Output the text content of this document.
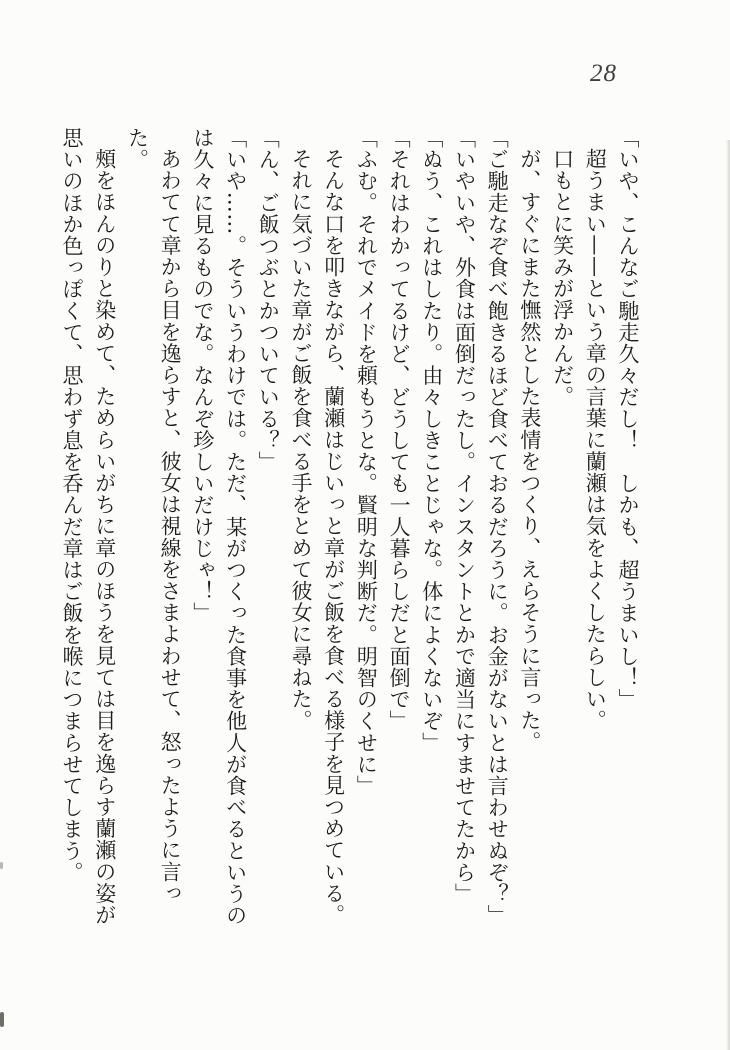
28

「いや、こんなご馳走久々だし！　しかも、超うまいし！」

超うまい——という章の言葉に蘭瀬は気をよくしたらしい。

口もとに笑みが浮かんだ。

が、すぐにまた憮然とした表情をつくり、えらそうに言った。

「ご馳走なぞ食べ飽きるほど食べておるだろうに。お金がないとは言わせぬぞ？」

「いやいや、外食は面倒だったし。インスタントとかで適当にすませてたから」

「ぬう、これはしたり。由々しきことじゃな。体によくないぞ」

「それはわかってるけど、どうしても一人暮らしだと面倒で」

「ふむ。それでメイドを頼もうとな。賢明な判断だ。明智のくせに」

そんな口を叩きながら、蘭瀬はじいっと章がご飯を食べる様子を見つめている。

それに気づいた章がご飯を食べる手をとめて彼女に尋ねた。

「ん、ご飯つぶとかついている？」

「いや……。そういうわけでは。ただ、某がつくった食事を他人が食べるというのは久々に見るものでな。なんぞ珍しいだけじゃ！」

あわてて章から目を逸らすと、彼女は視線をさまよわせて、怒ったように言った。

頰をほんのりと染めて、ためらいがちに章のほうを見ては目を逸らす蘭瀬の姿が思いのほか色っぽくて、思わず息を呑んだ章はご飯を喉につまらせてしまう。
